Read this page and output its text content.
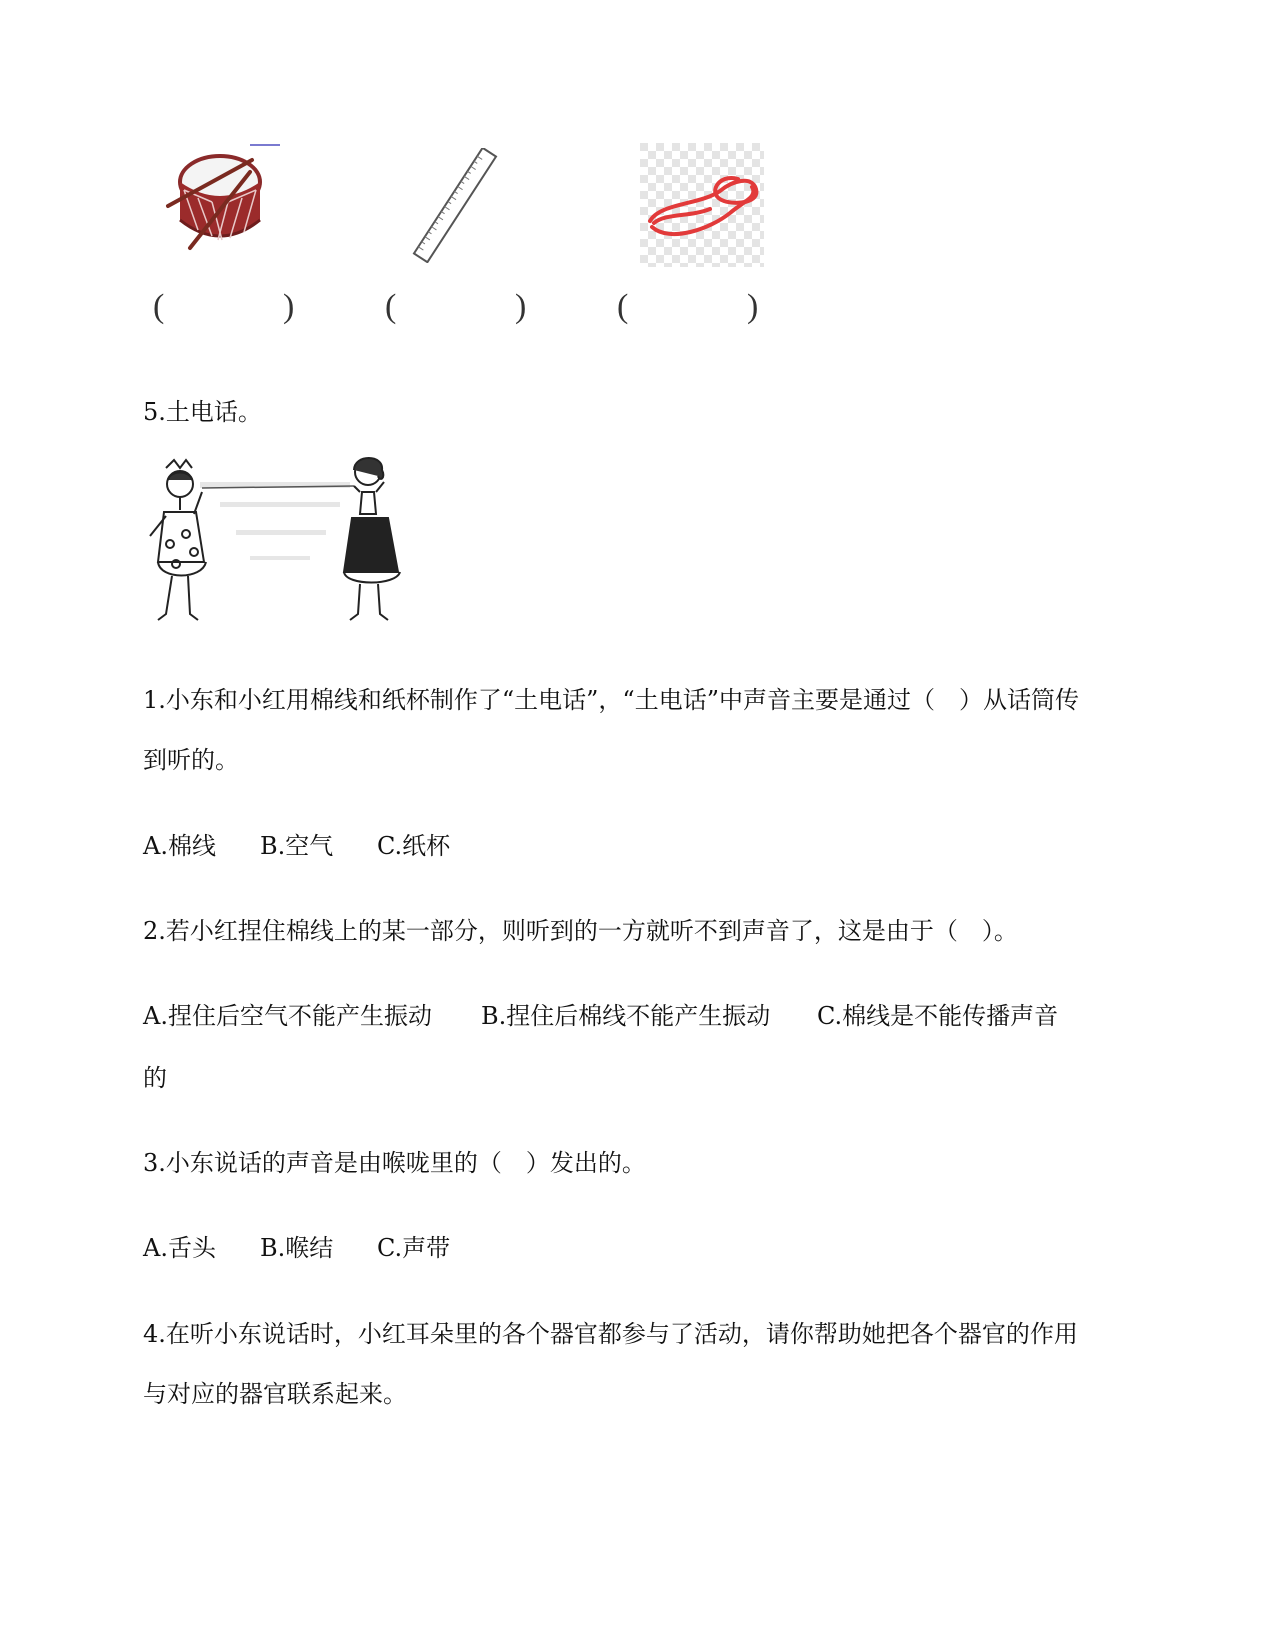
(	)	(	)	(	)
5.土电话。
1.小东和小红用棉线和纸杯制作了“土电话”，“土电话”中声音主要是通过（　）从话筒传
到听的。
A.棉线 B.空气 C.纸杯
2.若小红捏住棉线上的某一部分，则听到的一方就听不到声音了，这是由于（　）。
A.捏住后空气不能产生振动 B.捏住后棉线不能产生振动 C.棉线是不能传播声音
的
3.小东说话的声音是由喉咙里的（　）发出的。
A.舌头 B.喉结 C.声带
4.在听小东说话时，小红耳朵里的各个器官都参与了活动，请你帮助她把各个器官的作用
与对应的器官联系起来。
